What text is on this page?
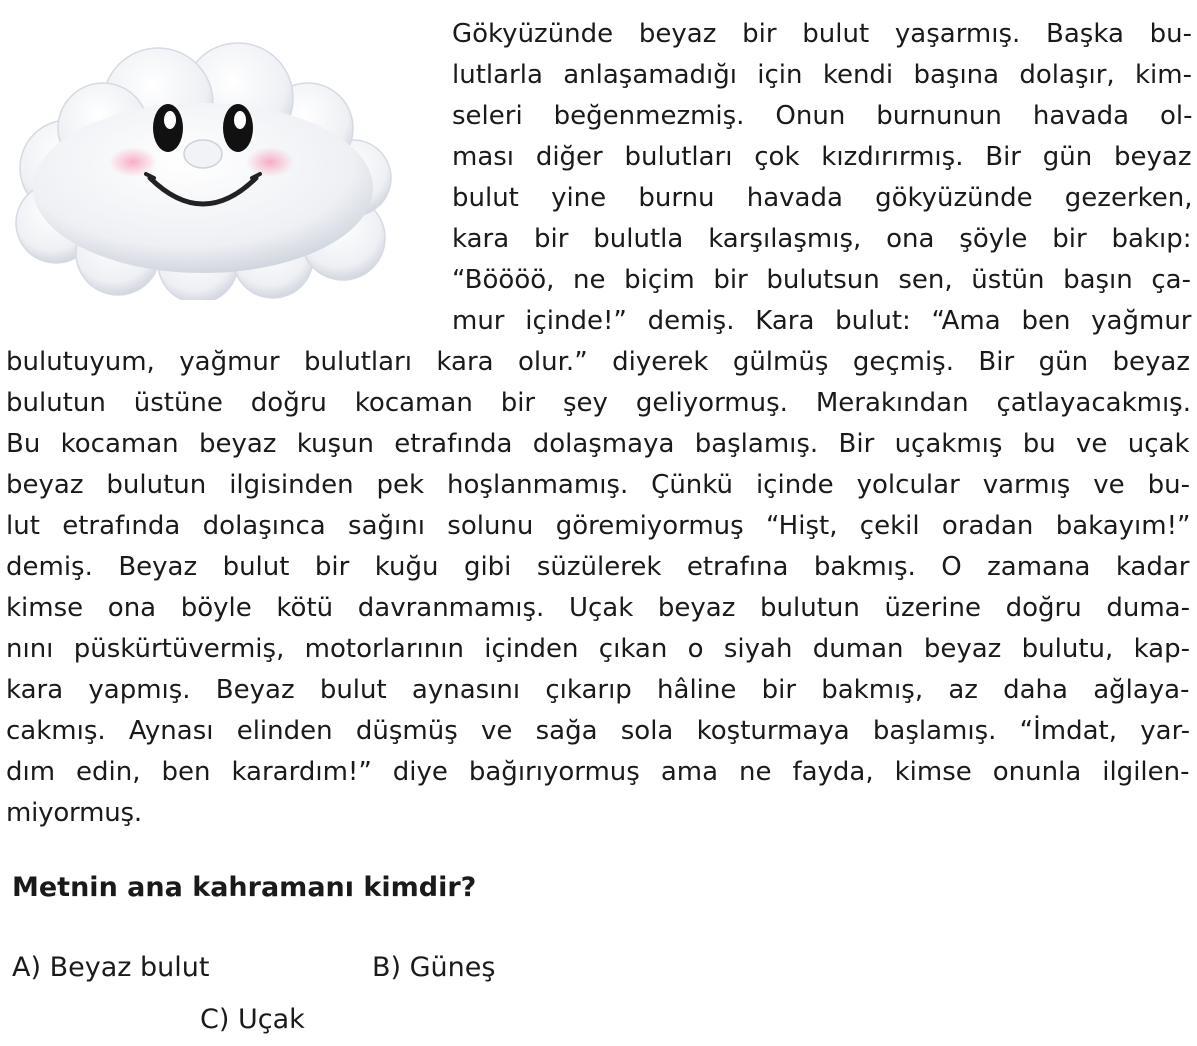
Gökyüzünde beyaz bir bulut yaşarmış. Başka bu-
lutlarla anlaşamadığı için kendi başına dolaşır, kim-
seleri beğenmezmiş. Onun burnunun havada ol-
ması diğer bulutları çok kızdırırmış. Bir gün beyaz
bulut yine burnu havada gökyüzünde gezerken,
kara bir bulutla karşılaşmış, ona şöyle bir bakıp:
“Böööö, ne biçim bir bulutsun sen, üstün başın ça-
mur içinde!” demiş. Kara bulut: “Ama ben yağmur
bulutuyum, yağmur bulutları kara olur.” diyerek gülmüş geçmiş. Bir gün beyaz
bulutun üstüne doğru kocaman bir şey geliyormuş. Merakından çatlayacakmış.
Bu kocaman beyaz kuşun etrafında dolaşmaya başlamış. Bir uçakmış bu ve uçak
beyaz bulutun ilgisinden pek hoşlanmamış. Çünkü içinde yolcular varmış ve bu-
lut etrafında dolaşınca sağını solunu göremiyormuş “Hişt, çekil oradan bakayım!”
demiş. Beyaz bulut bir kuğu gibi süzülerek etrafına bakmış. O zamana kadar
kimse ona böyle kötü davranmamış. Uçak beyaz bulutun üzerine doğru duma-
nını püskürtüvermiş, motorlarının içinden çıkan o siyah duman beyaz bulutu, kap-
kara yapmış. Beyaz bulut aynasını çıkarıp hâline bir bakmış, az daha ağlaya-
cakmış. Aynası elinden düşmüş ve sağa sola koşturmaya başlamış. “İmdat, yar-
dım edin, ben karardım!” diye bağırıyormuş ama ne fayda, kimse onunla ilgilen-
miyormuş.
Metnin ana kahramanı kimdir?
A) Beyaz bulut	B) Güneş
C) Uçak
